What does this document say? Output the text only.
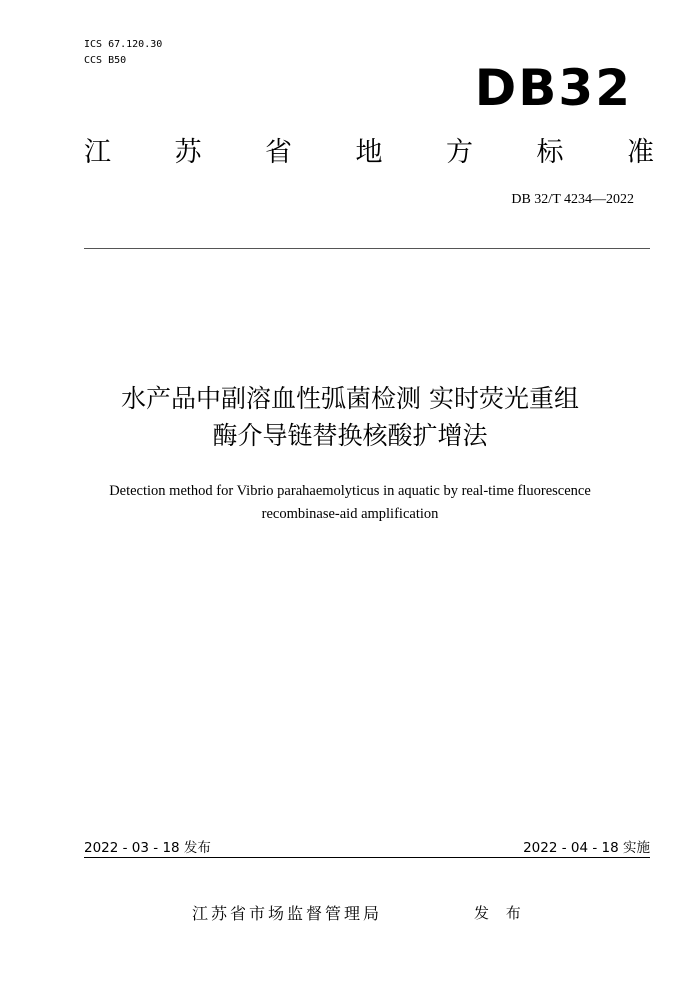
ICS 67.120.30
CCS B50	DB32
江 苏 省 地 方 标 准
DB 32/T 4234—2022
水产品中副溶血性弧菌检测 实时荧光重组
酶介导链替换核酸扩增法
Detection method for Vibrio parahaemolyticus in aquatic by real-time fluorescence
recombinase-aid amplification
2022 - 03 - 18 发布	2022 - 04 - 18 实施
江苏省市场监督管理局	发 布
